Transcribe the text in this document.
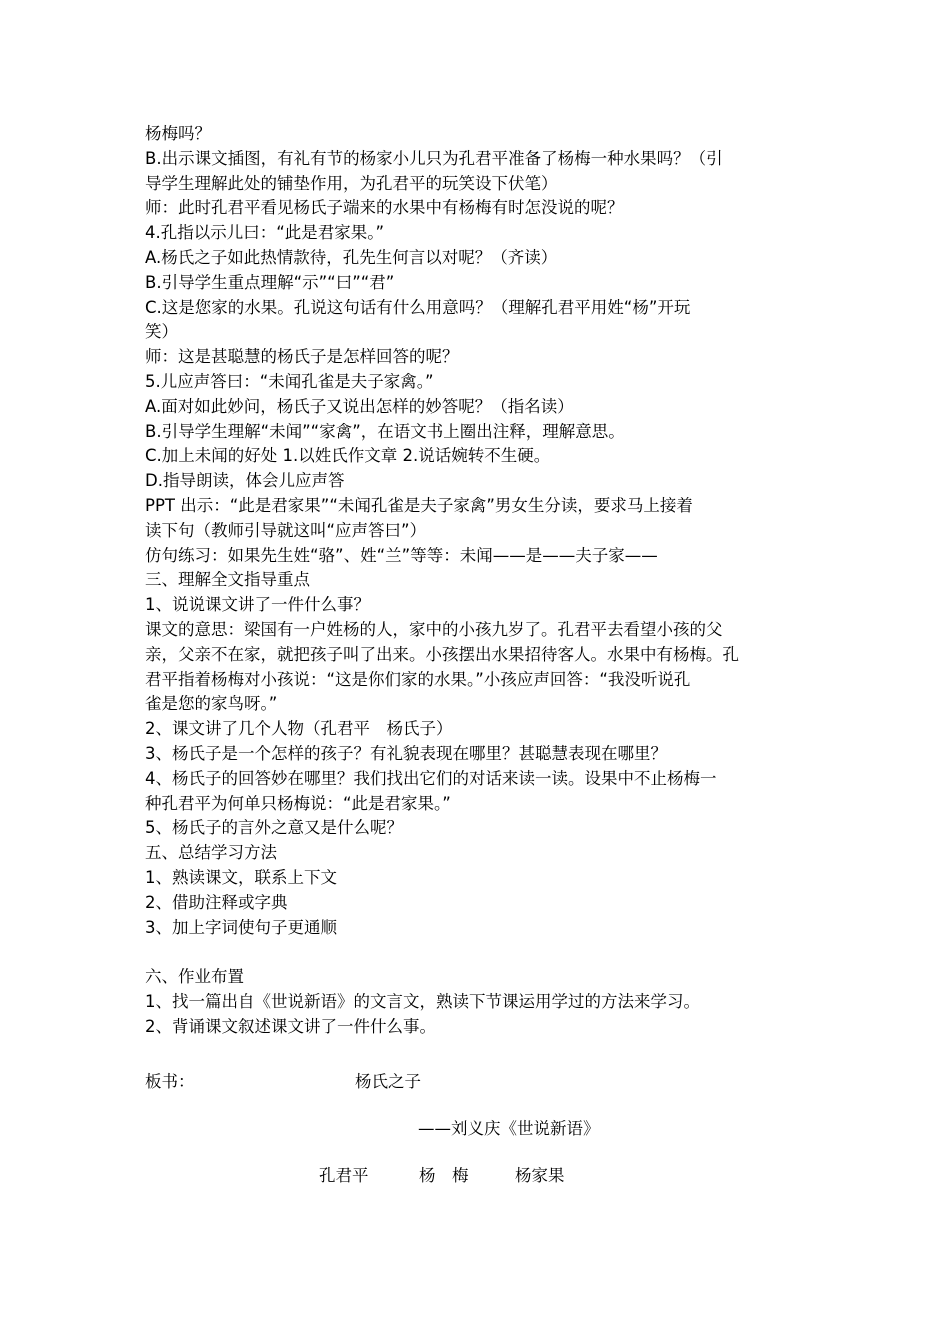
杨梅吗？
B.出示课文插图，有礼有节的杨家小儿只为孔君平准备了杨梅一种水果吗？（引
导学生理解此处的铺垫作用，为孔君平的玩笑设下伏笔）
师：此时孔君平看见杨氏子端来的水果中有杨梅有时怎没说的呢？
4.孔指以示儿曰：“此是君家果。”
A.杨氏之子如此热情款待，孔先生何言以对呢？（齐读）
B.引导学生重点理解“示”“曰”“君”
C.这是您家的水果。孔说这句话有什么用意吗？（理解孔君平用姓“杨”开玩
笑）
师：这是甚聪慧的杨氏子是怎样回答的呢？
5.儿应声答曰：“未闻孔雀是夫子家禽。”
A.面对如此妙问，杨氏子又说出怎样的妙答呢？（指名读）
B.引导学生理解“未闻”“家禽”，在语文书上圈出注释，理解意思。
C.加上未闻的好处 1.以姓氏作文章 2.说话婉转不生硬。
D.指导朗读，体会儿应声答
PPT 出示：“此是君家果”“未闻孔雀是夫子家禽”男女生分读，要求马上接着
读下句（教师引导就这叫“应声答曰”）
仿句练习：如果先生姓“骆”、姓“兰”等等：未闻——是——夫子家——
三、理解全文指导重点
1、说说课文讲了一件什么事？
课文的意思：梁国有一户姓杨的人，家中的小孩九岁了。孔君平去看望小孩的父
亲，父亲不在家，就把孩子叫了出来。小孩摆出水果招待客人。水果中有杨梅。孔
君平指着杨梅对小孩说：“这是你们家的水果。”小孩应声回答：“我没听说孔
雀是您的家鸟呀。”
2、课文讲了几个人物（孔君平　杨氏子）
3、杨氏子是一个怎样的孩子？有礼貌表现在哪里？甚聪慧表现在哪里？
4、杨氏子的回答妙在哪里？我们找出它们的对话来读一读。设果中不止杨梅一
种孔君平为何单只杨梅说：“此是君家果。”
5、杨氏子的言外之意又是什么呢？
五、总结学习方法
1、熟读课文，联系上下文
2、借助注释或字典
3、加上字词使句子更通顺
六、作业布置
1、找一篇出自《世说新语》的文言文，熟读下节课运用学过的方法来学习。
2、背诵课文叙述课文讲了一件什么事。
板书：	杨氏之子
——刘义庆《世说新语》
孔君平	杨　梅	杨家果
